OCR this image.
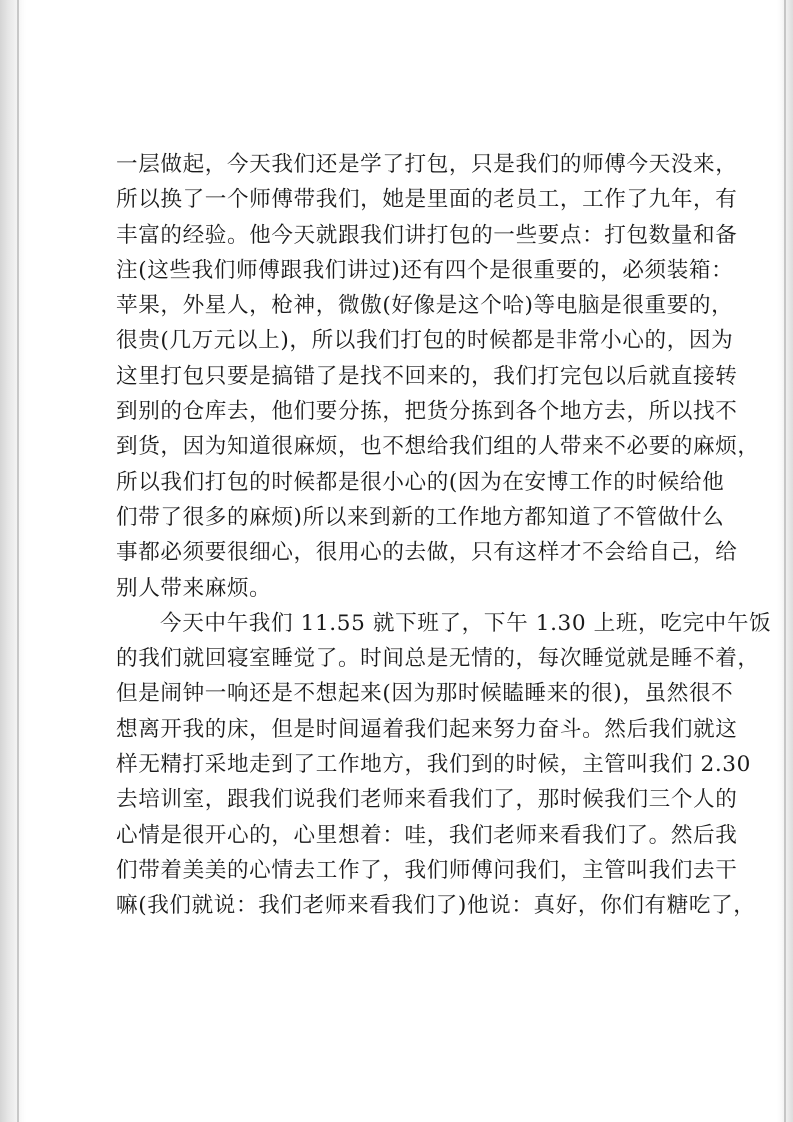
一层做起，今天我们还是学了打包，只是我们的师傅今天没来，
所以换了一个师傅带我们，她是里面的老员工，工作了九年，有
丰富的经验。他今天就跟我们讲打包的一些要点：打包数量和备
注(这些我们师傅跟我们讲过)还有四个是很重要的，必须装箱：
苹果，外星人，枪神，微傲(好像是这个哈)等电脑是很重要的，
很贵(几万元以上)，所以我们打包的时候都是非常小心的，因为
这里打包只要是搞错了是找不回来的，我们打完包以后就直接转
到别的仓库去，他们要分拣，把货分拣到各个地方去，所以找不
到货，因为知道很麻烦，也不想给我们组的人带来不必要的麻烦，
所以我们打包的时候都是很小心的(因为在安博工作的时候给他
们带了很多的麻烦)所以来到新的工作地方都知道了不管做什么
事都必须要很细心，很用心的去做，只有这样才不会给自己，给
别人带来麻烦。
今天中午我们 11.55 就下班了，下午 1.30 上班，吃完中午饭
的我们就回寝室睡觉了。时间总是无情的，每次睡觉就是睡不着，
但是闹钟一响还是不想起来(因为那时候瞌睡来的很)，虽然很不
想离开我的床，但是时间逼着我们起来努力奋斗。然后我们就这
样无精打采地走到了工作地方，我们到的时候，主管叫我们 2.30
去培训室，跟我们说我们老师来看我们了，那时候我们三个人的
心情是很开心的，心里想着：哇，我们老师来看我们了。然后我
们带着美美的心情去工作了，我们师傅问我们，主管叫我们去干
嘛(我们就说：我们老师来看我们了)他说：真好，你们有糖吃了，
